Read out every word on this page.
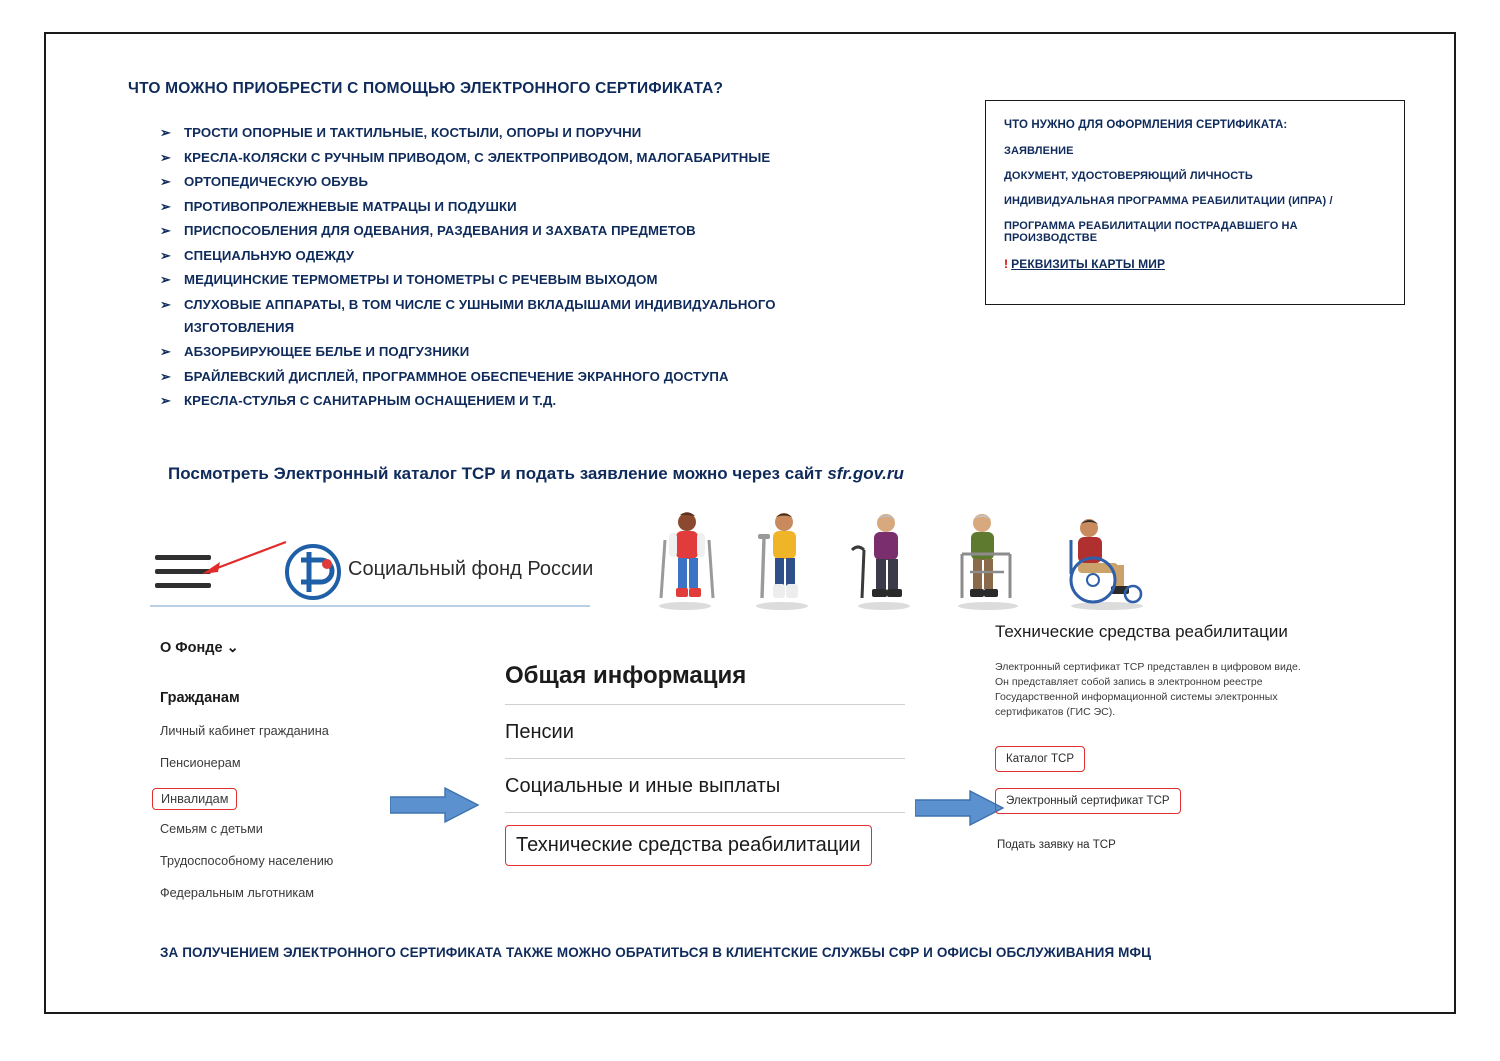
ЧТО МОЖНО ПРИОБРЕСТИ С ПОМОЩЬЮ ЭЛЕКТРОННОГО СЕРТИФИКАТА?
➢ ТРОСТИ ОПОРНЫЕ И ТАКТИЛЬНЫЕ, КОСТЫЛИ, ОПОРЫ И ПОРУЧНИ
➢ КРЕСЛА-КОЛЯСКИ С РУЧНЫМ ПРИВОДОМ, С ЭЛЕКТРОПРИВОДОМ, МАЛОГАБАРИТНЫЕ
➢ ОРТОПЕДИЧЕСКУЮ ОБУВЬ
➢ ПРОТИВОПРОЛЕЖНЕВЫЕ МАТРАЦЫ И ПОДУШКИ
➢ ПРИСПОСОБЛЕНИЯ ДЛЯ ОДЕВАНИЯ, РАЗДЕВАНИЯ И ЗАХВАТА ПРЕДМЕТОВ
➢ СПЕЦИАЛЬНУЮ ОДЕЖДУ
➢ МЕДИЦИНСКИЕ ТЕРМОМЕТРЫ И ТОНОМЕТРЫ С РЕЧЕВЫМ ВЫХОДОМ
➢ СЛУХОВЫЕ АППАРАТЫ, В ТОМ ЧИСЛЕ С УШНЫМИ ВКЛАДЫШАМИ ИНДИВИДУАЛЬНОГО
ИЗГОТОВЛЕНИЯ
➢ АБЗОРБИРУЮЩЕЕ БЕЛЬЕ И ПОДГУЗНИКИ
➢ БРАЙЛЕВСКИЙ ДИСПЛЕЙ, ПРОГРАММНОЕ ОБЕСПЕЧЕНИЕ ЭКРАННОГО ДОСТУПА
➢ КРЕСЛА-СТУЛЬЯ С САНИТАРНЫМ ОСНАЩЕНИЕМ И Т.Д.
ЧТО НУЖНО ДЛЯ ОФОРМЛЕНИЯ СЕРТИФИКАТА:
ЗАЯВЛЕНИЕ
ДОКУМЕНТ, УДОСТОВЕРЯЮЩИЙ ЛИЧНОСТЬ
ИНДИВИДУАЛЬНАЯ ПРОГРАММА РЕАБИЛИТАЦИИ (ИПРА) /
ПРОГРАММА РЕАБИЛИТАЦИИ ПОСТРАДАВШЕГО НА ПРОИЗВОДСТВЕ
! РЕКВИЗИТЫ КАРТЫ МИР
Посмотреть Электронный каталог ТСР и подать заявление можно через сайт sfr.gov.ru
Социальный фонд России
О Фонде ⌄
Гражданам
Личный кабинет гражданина
Пенсионерам
Инвалидам
Семьям с детьми
Трудоспособному населению
Федеральным льготникам
Общая информация
Пенсии
Социальные и иные выплаты
Технические средства реабилитации
Технические средства реабилитации
Электронный сертификат ТСР представлен в цифровом виде. Он представляет собой запись в электронном реестре Государственной информационной системы электронных сертификатов (ГИС ЭС).
Каталог ТСР
Электронный сертификат ТСР
Подать заявку на ТСР
ЗА ПОЛУЧЕНИЕМ ЭЛЕКТРОННОГО СЕРТИФИКАТА ТАКЖЕ МОЖНО ОБРАТИТЬСЯ В КЛИЕНТСКИЕ СЛУЖБЫ СФР И ОФИСЫ ОБСЛУЖИВАНИЯ МФЦ
